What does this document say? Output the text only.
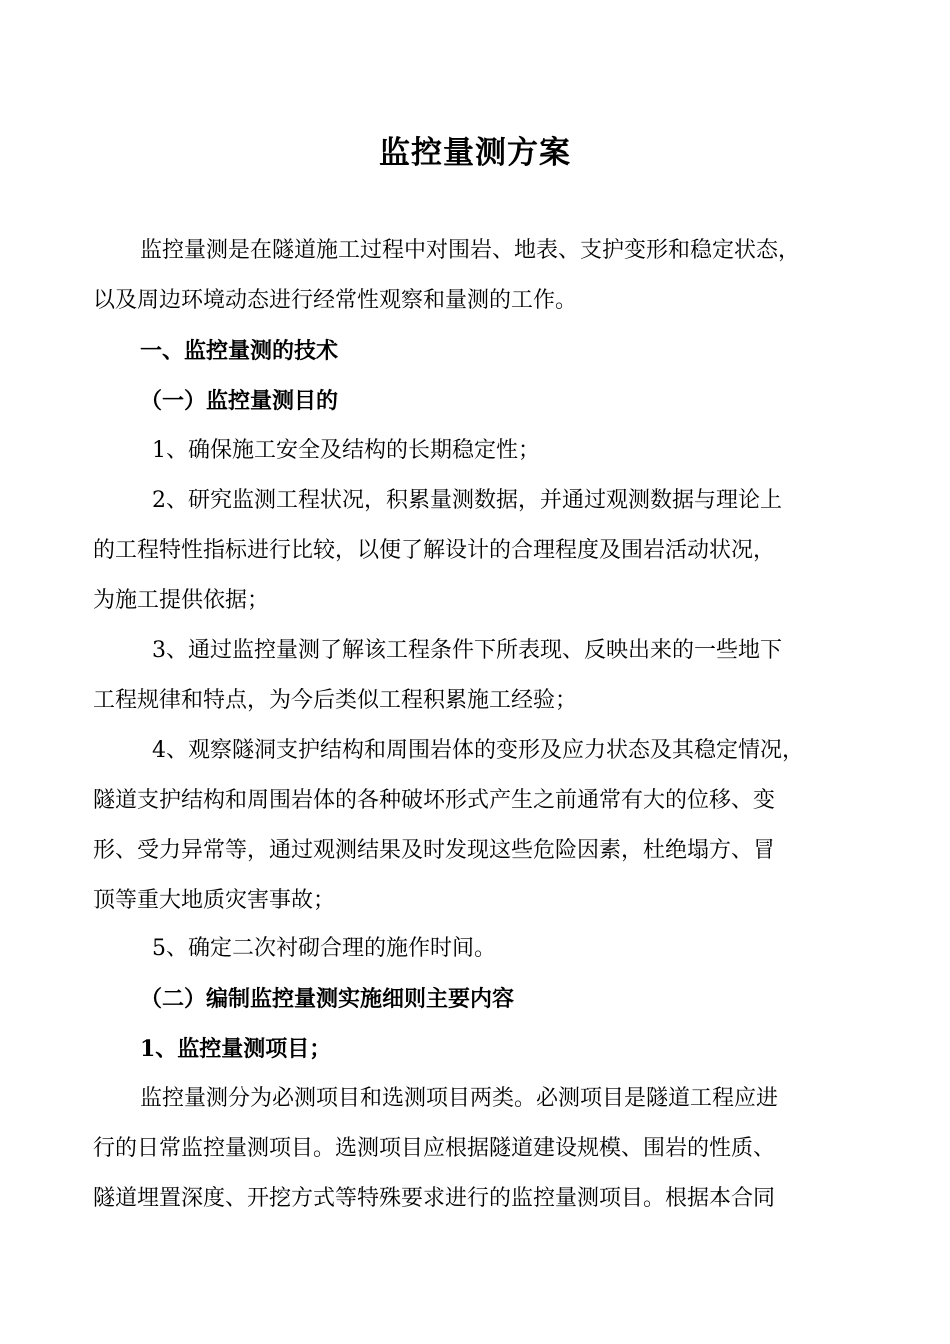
监控量测方案
监控量测是在隧道施工过程中对围岩、地表、支护变形和稳定状态，
以及周边环境动态进行经常性观察和量测的工作。
一、监控量测的技术
（一）监控量测目的
1、确保施工安全及结构的长期稳定性；
2、研究监测工程状况，积累量测数据，并通过观测数据与理论上
的工程特性指标进行比较，以便了解设计的合理程度及围岩活动状况，
为施工提供依据；
3、通过监控量测了解该工程条件下所表现、反映出来的一些地下
工程规律和特点，为今后类似工程积累施工经验；
4、观察隧洞支护结构和周围岩体的变形及应力状态及其稳定情况，
隧道支护结构和周围岩体的各种破坏形式产生之前通常有大的位移、变
形、受力异常等，通过观测结果及时发现这些危险因素，杜绝塌方、冒
顶等重大地质灾害事故；
5、确定二次衬砌合理的施作时间。
（二）编制监控量测实施细则主要内容
1、监控量测项目；
监控量测分为必测项目和选测项目两类。必测项目是隧道工程应进
行的日常监控量测项目。选测项目应根据隧道建设规模、围岩的性质、
隧道埋置深度、开挖方式等特殊要求进行的监控量测项目。根据本合同
